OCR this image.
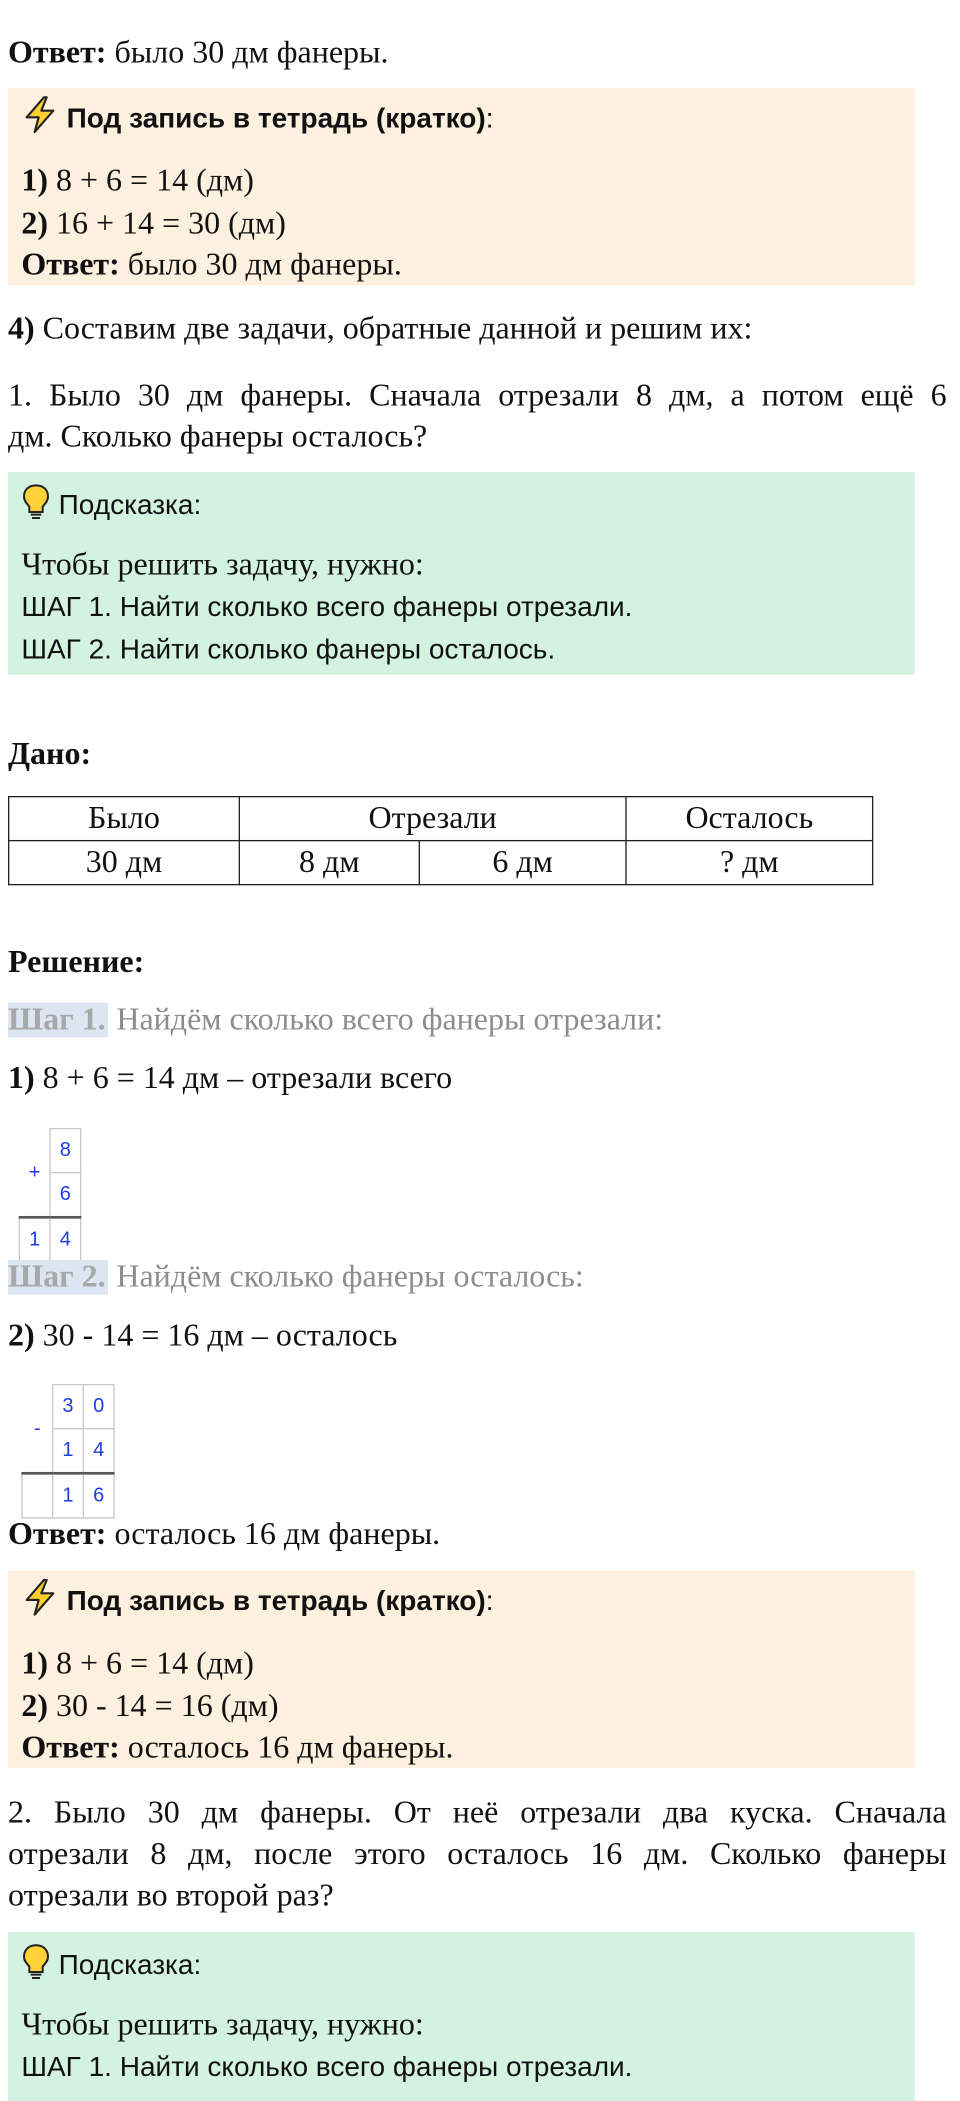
Ответ: было 30 дм фанеры.

Под запись в тетрадь (кратко):
1) 8 + 6 = 14 (дм)
2) 16 + 14 = 30 (дм)
Ответ: было 30 дм фанеры.

4) Составим две задачи, обратные данной и решим их:

1. Было 30 дм фанеры. Сначала отрезали 8 дм, а потом ещё 6

дм. Сколько фанеры осталось?

Подсказка:
Чтобы решить задачу, нужно:
ШАГ 1. Найти сколько всего фанеры отрезали.
ШАГ 2. Найти сколько фанеры осталось.

Дано:

Было	Отрезали		Осталось
30 дм	8 дм	6 дм	? дм

Решение:

Шаг 1. Найдём сколько всего фанеры отрезали:

1) 8 + 6 = 14 дм – отрезали всего

+	8
	6
1	4

Шаг 2. Найдём сколько фанеры осталось:

2) 30 - 14 = 16 дм – осталось

-	3	0
	1	4
	1	6

Ответ: осталось 16 дм фанеры.

Под запись в тетрадь (кратко):
1) 8 + 6 = 14 (дм)
2) 30 - 14 = 16 (дм)
Ответ: осталось 16 дм фанеры.

2. Было 30 дм фанеры. От неё отрезали два куска. Сначала

отрезали 8 дм, после этого осталось 16 дм. Сколько фанеры

отрезали во второй раз?

Подсказка:
Чтобы решить задачу, нужно:
ШАГ 1. Найти сколько всего фанеры отрезали.
